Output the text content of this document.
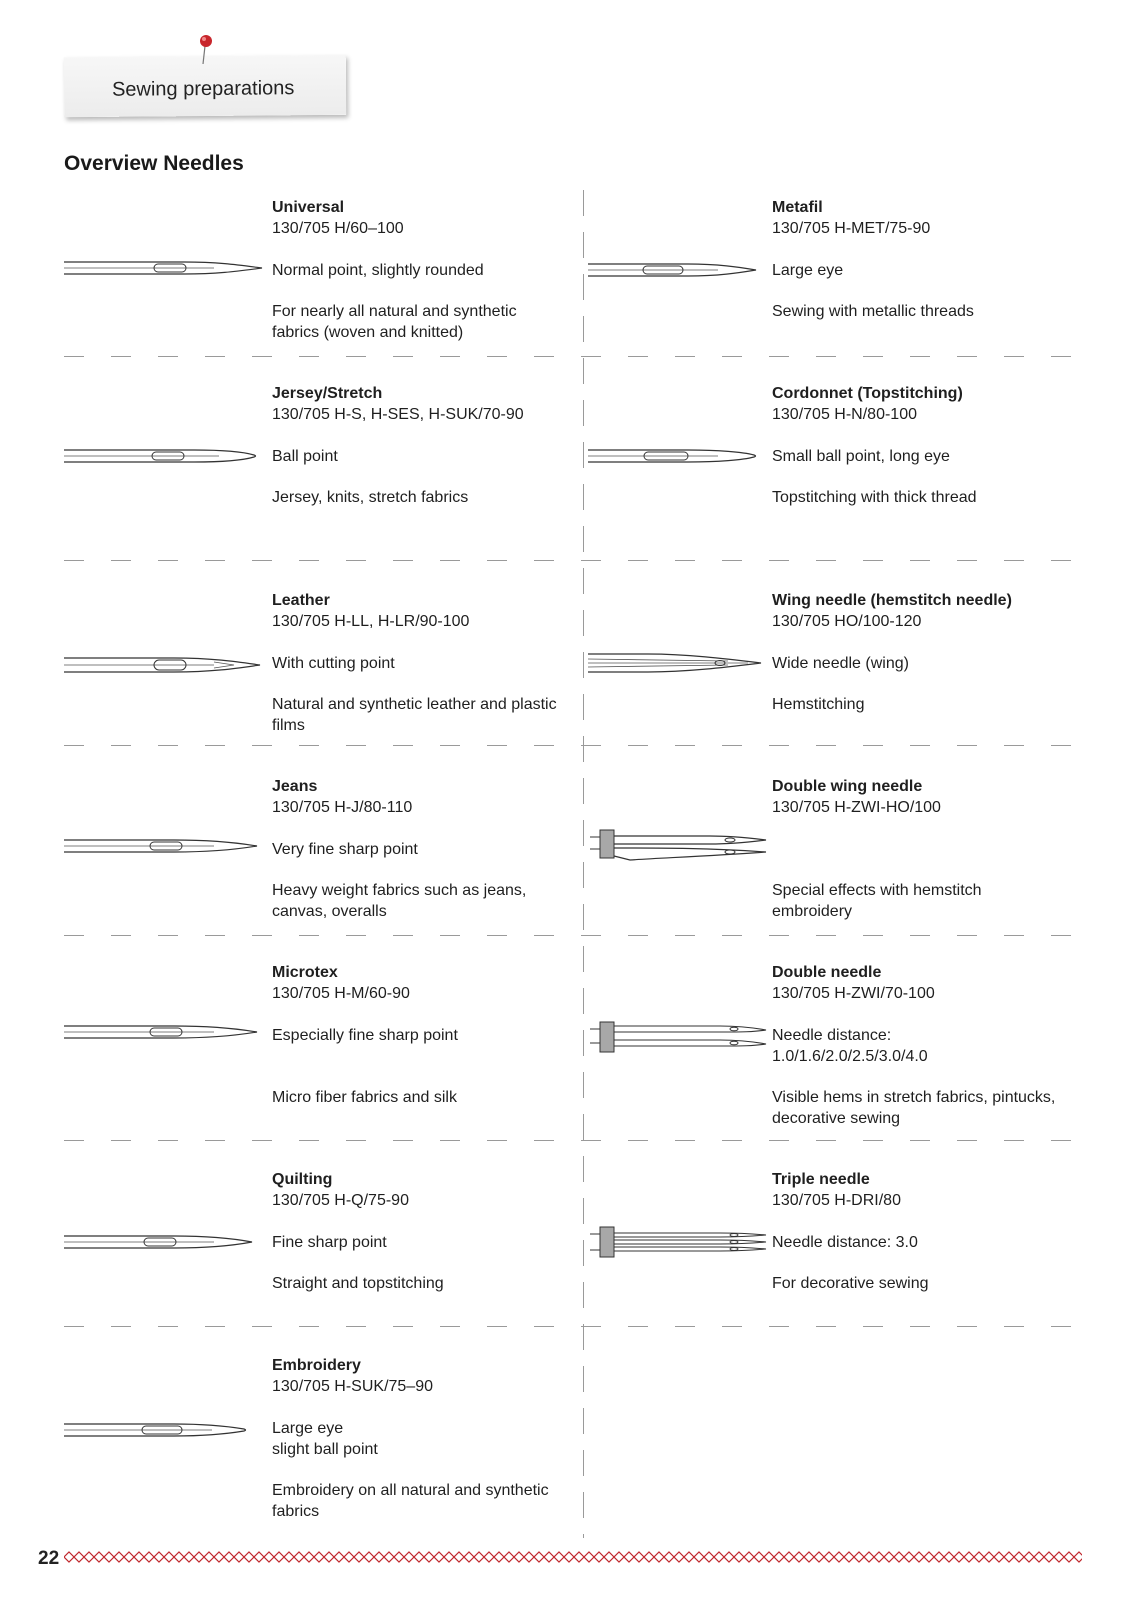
Sewing preparations
Overview Needles
Universal
130/705 H/60–100
Normal point, slightly rounded
For nearly all natural and synthetic
fabrics (woven and knitted)
Jersey/Stretch
130/705 H-S, H-SES, H-SUK/70-90
Ball point
Jersey, knits, stretch fabrics
Leather
130/705 H-LL, H-LR/90-100
With cutting point
Natural and synthetic leather and plastic
films
Jeans
130/705 H-J/80-110
Very fine sharp point
Heavy weight fabrics such as jeans,
canvas, overalls
Microtex
130/705 H-M/60-90
Especially fine sharp point
Micro fiber fabrics and silk
Quilting
130/705 H-Q/75-90
Fine sharp point
Straight and topstitching
Embroidery
130/705 H-SUK/75–90
Large eye
slight ball point
Embroidery on all natural and synthetic
fabrics
Metafil
130/705 H-MET/75-90
Large eye
Sewing with metallic threads
Cordonnet (Topstitching)
130/705 H-N/80-100
Small ball point, long eye
Topstitching with thick thread
Wing needle (hemstitch needle)
130/705 HO/100-120
Wide needle (wing)
Hemstitching
Double wing needle
130/705 H-ZWI-HO/100
Special effects with hemstitch
embroidery
Double needle
130/705 H-ZWI/70-100
Needle distance:
1.0/1.6/2.0/2.5/3.0/4.0
Visible hems in stretch fabrics, pintucks,
decorative sewing
Triple needle
130/705 H-DRI/80
Needle distance: 3.0
For decorative sewing
22
